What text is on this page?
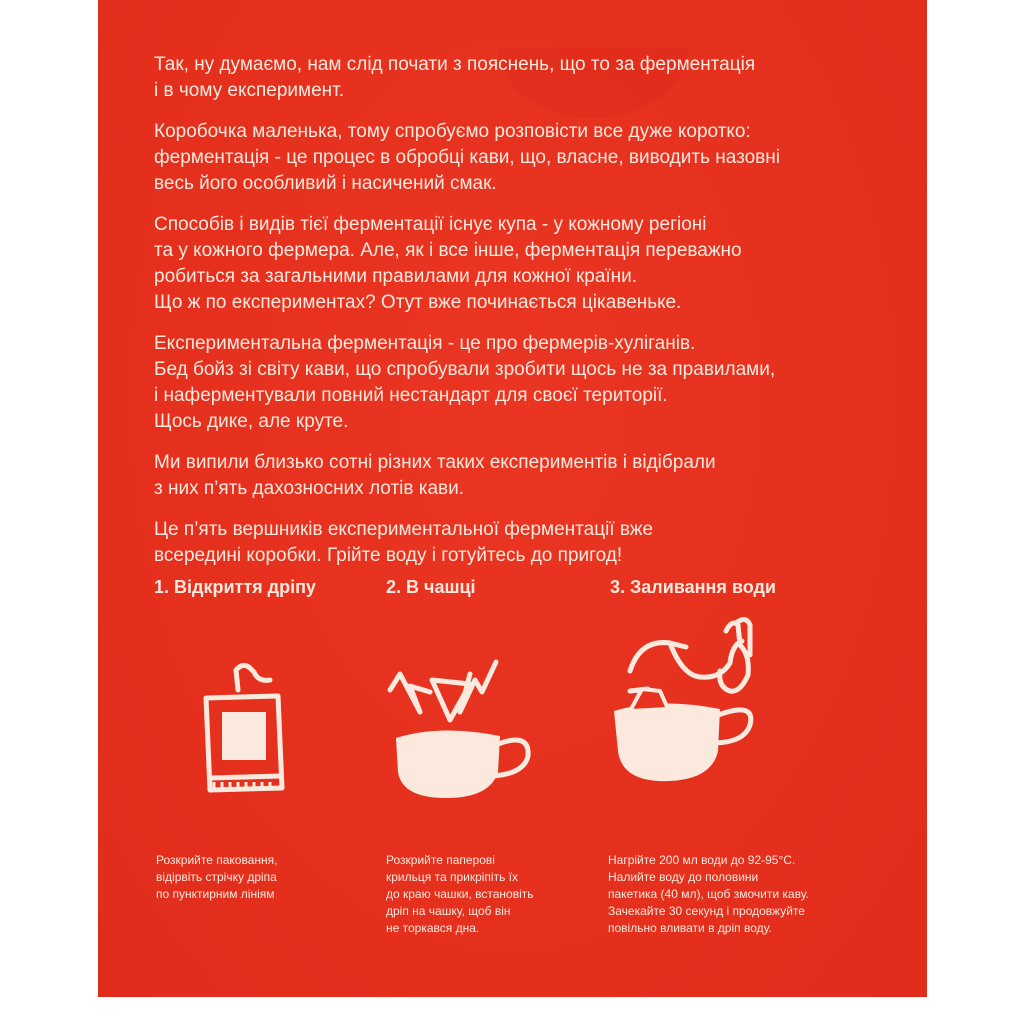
Так, ну думаємо, нам слід почати з пояснень, що то за ферментація
і в чому експеримент.

Коробочка маленька, тому спробуємо розповісти все дуже коротко:
ферментація - це процес в обробці кави, що, власне, виводить назовні
весь його особливий і насичений смак.

Способів і видів тієї ферментації існує купа - у кожному регіоні
та у кожного фермера. Але, як і все інше, ферментація переважно
робиться за загальними правилами для кожної країни.
Що ж по експериментах? Отут вже починається цікавенькe.

Експериментальна ферментація - це про фермерів-хуліганів.
Бед бойз зі світу кави, що спробували зробити щось не за правилами,
і наферментували повний нестандарт для своєї території.
Щось дике, але круте.

Ми випили близько сотні різних таких експериментів і відібрали
з них п’ять дахозносних лотів кави.

Це п’ять вершників експериментальної ферментації вже
всередині коробки. Грійте воду і готуйтесь до пригод!

1. Відкриття дріпу
Розкрийте паковання,
відірвіть стрічку дріпа
по пунктирним лініям
2. В чашці
Розкрийте паперові
крильця та прикріпіть їх
до краю чашки, встановіть
дріп на чашку, щоб він
не торкався дна.
3. Заливання води
Нагрійте 200 мл води до 92-95°С.
Налийте воду до половини
пакетика (40 мл), щоб змочити каву.
Зачекайте 30 секунд і продовжуйте
повільно вливати в дріп воду.
